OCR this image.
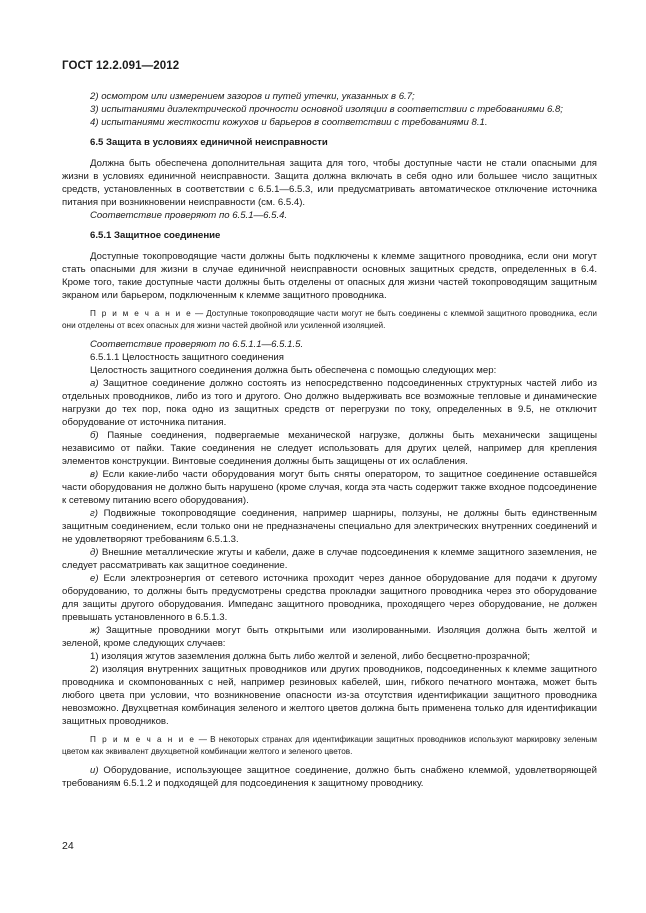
ГОСТ 12.2.091—2012

2) осмотром или измерением зазоров и путей утечки, указанных в 6.7;

3) испытаниями диэлектрической прочности основной изоляции в соответствии с требованиями 6.8;

4) испытаниями жесткости кожухов и барьеров в соответствии с требованиями 8.1.

6.5 Защита в условиях единичной неисправности

Должна быть обеспечена дополнительная защита для того, чтобы доступные части не стали опасными для жизни в условиях единичной неисправности. Защита должна включать в себя одно или большее число защитных средств, установленных в соответствии с 6.5.1—6.5.3, или предусматривать автоматическое отключение источника питания при возникновении неисправности (см. 6.5.4).

Соответствие проверяют по 6.5.1—6.5.4.

6.5.1 Защитное соединение

Доступные токопроводящие части должны быть подключены к клемме защитного проводника, если они могут стать опасными для жизни в случае единичной неисправности основных защитных средств, определенных в 6.4. Кроме того, такие доступные части должны быть отделены от опасных для жизни частей токопроводящим защитным экраном или барьером, подключенным к клемме защитного проводника.

П р и м е ч а н и е — Доступные токопроводящие части могут не быть соединены с клеммой защитного проводника, если они отделены от всех опасных для жизни частей двойной или усиленной изоляцией.

Соответствие проверяют по 6.5.1.1—6.5.1.5.

6.5.1.1 Целостность защитного соединения

Целостность защитного соединения должна быть обеспечена с помощью следующих мер:

а) Защитное соединение должно состоять из непосредственно подсоединенных структурных частей либо из отдельных проводников, либо из того и другого. Оно должно выдерживать все возможные тепловые и динамические нагрузки до тех пор, пока одно из защитных средств от перегрузки по току, определенных в 9.5, не отключит оборудование от источника питания.

б) Паяные соединения, подвергаемые механической нагрузке, должны быть механически защищены независимо от пайки. Такие соединения не следует использовать для других целей, например для крепления элементов конструкции. Винтовые соединения должны быть защищены от их ослабления.

в) Если какие-либо части оборудования могут быть сняты оператором, то защитное соединение оставшейся части оборудования не должно быть нарушено (кроме случая, когда эта часть содержит также входное подсоединение к сетевому питанию всего оборудования).

г) Подвижные токопроводящие соединения, например шарниры, ползуны, не должны быть единственным защитным соединением, если только они не предназначены специально для электрических внутренних соединений и не удовлетворяют требованиям 6.5.1.3.

д) Внешние металлические жгуты и кабели, даже в случае подсоединения к клемме защитного заземления, не следует рассматривать как защитное соединение.

е) Если электроэнергия от сетевого источника проходит через данное оборудование для подачи к другому оборудованию, то должны быть предусмотрены средства прокладки защитного проводника через это оборудование для защиты другого оборудования. Импеданс защитного проводника, проходящего через оборудование, не должен превышать установленного в 6.5.1.3.

ж) Защитные проводники могут быть открытыми или изолированными. Изоляция должна быть желтой и зеленой, кроме следующих случаев:

1) изоляция жгутов заземления должна быть либо желтой и зеленой, либо бесцветно-прозрачной;

2) изоляция внутренних защитных проводников или других проводников, подсоединенных к клемме защитного проводника и скомпонованных с ней, например резиновых кабелей, шин, гибкого печатного монтажа, может быть любого цвета при условии, что возникновение опасности из-за отсутствия идентификации защитного проводника невозможно. Двухцветная комбинация зеленого и желтого цветов должна быть применена только для идентификации защитных проводников.

П р и м е ч а н и е — В некоторых странах для идентификации защитных проводников используют маркировку зеленым цветом как эквивалент двухцветной комбинации желтого и зеленого цветов.

и) Оборудование, использующее защитное соединение, должно быть снабжено клеммой, удовлетворяющей требованиям 6.5.1.2 и подходящей для подсоединения к защитному проводнику.

24
